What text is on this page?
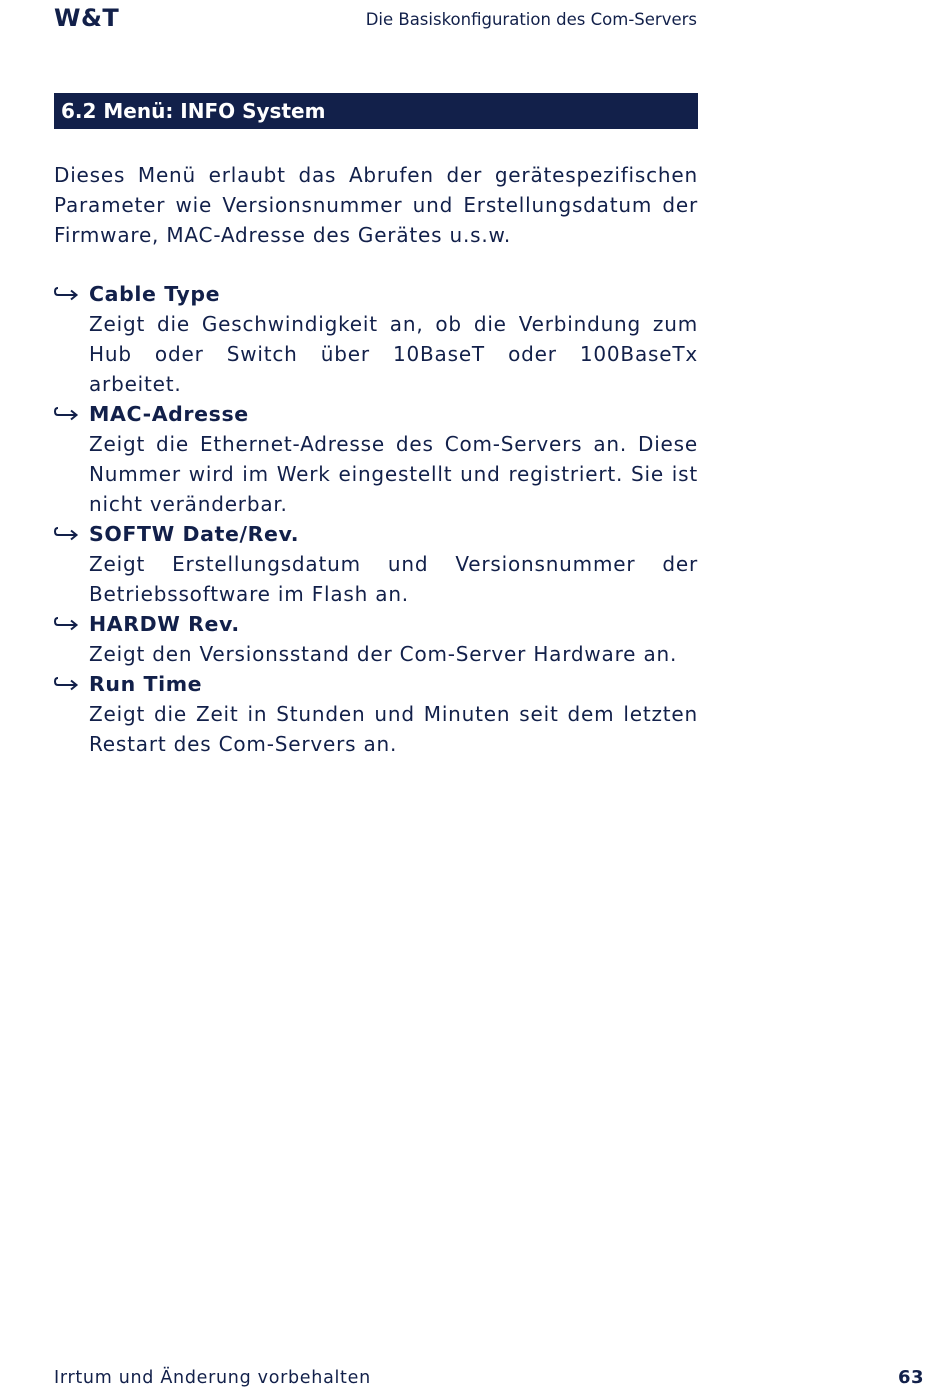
W&T	Die Basiskonfiguration des Com-Servers
6.2 Menü: INFO System

Dieses Menü erlaubt das Abrufen der gerätespezifischen Parameter wie Versionsnummer und Erstellungsdatum der Firmware, MAC-Adresse des Gerätes u.s.w.

Cable Type
Zeigt die Geschwindigkeit an, ob die Verbindung zum Hub oder Switch über 10BaseT oder 100BaseTx arbeitet.
MAC-Adresse
Zeigt die Ethernet-Adresse des Com-Servers an. Diese Nummer wird im Werk eingestellt und registriert. Sie ist nicht veränderbar.
SOFTW Date/Rev.
Zeigt Erstellungsdatum und Versionsnummer der Betriebssoftware im Flash an.
HARDW Rev.
Zeigt den Versionsstand der Com-Server Hardware an.
Run Time
Zeigt die Zeit in Stunden und Minuten seit dem letzten Restart des Com-Servers an.
Irrtum und Änderung vorbehalten	63
